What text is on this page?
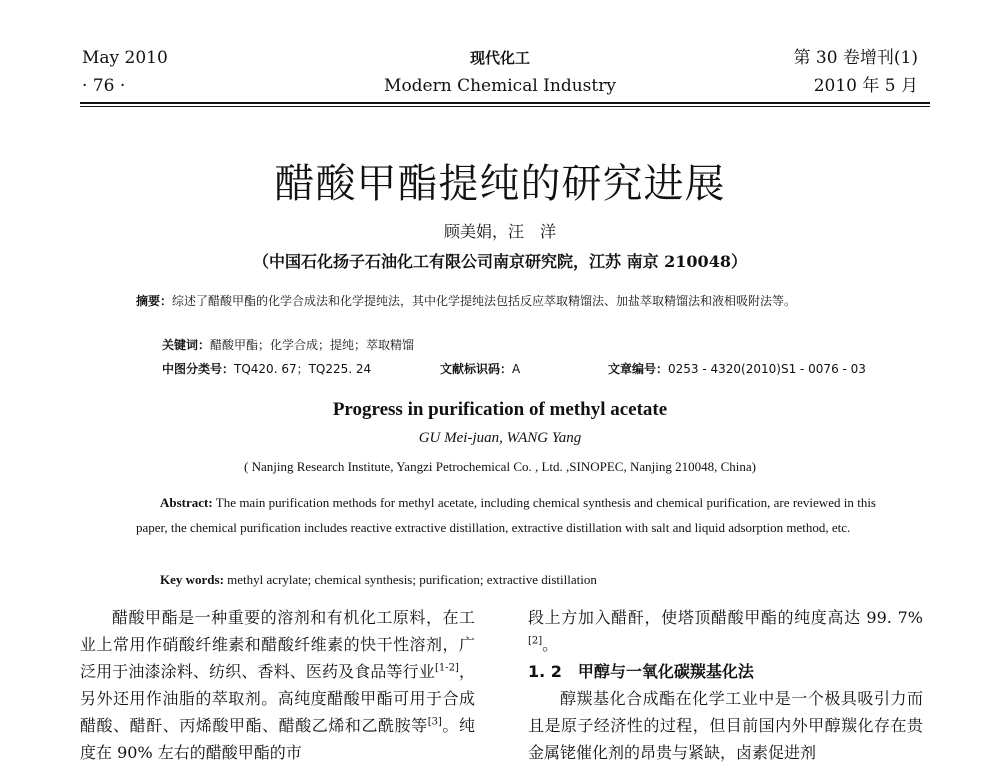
May 2010
· 76 ·
现代化工
Modern Chemical Industry
第 30 卷增刊(1)
2010 年 5 月
醋酸甲酯提纯的研究进展
顾美娟，汪　洋
（中国石化扬子石油化工有限公司南京研究院，江苏 南京 210048）
摘要：综述了醋酸甲酯的化学合成法和化学提纯法，其中化学提纯法包括反应萃取精馏法、加盐萃取精馏法和液相吸附法等。
关键词：醋酸甲酯；化学合成；提纯；萃取精馏
中图分类号：TQ420. 67；TQ225. 24	文献标识码：A	文章编号：0253 - 4320(2010)S1 - 0076 - 03
Progress in purification of methyl acetate
GU Mei-juan, WANG Yang
( Nanjing Research Institute, Yangzi Petrochemical Co. , Ltd. ,SINOPEC, Nanjing 210048, China)
Abstract: The main purification methods for methyl acetate, including chemical synthesis and chemical purification, are reviewed in this paper, the chemical purification includes reactive extractive distillation, extractive distillation with salt and liquid adsorption method, etc.
Key words: methyl acrylate; chemical synthesis; purification; extractive distillation

醋酸甲酯是一种重要的溶剂和有机化工原料，在工业上常用作硝酸纤维素和醋酸纤维素的快干性溶剂，广泛用于油漆涂料、纺织、香料、医药及食品等行业[1-2]，另外还用作油脂的萃取剂。高纯度醋酸甲酯可用于合成醋酸、醋酐、丙烯酸甲酯、醋酸乙烯和乙酰胺等[3]。纯度在 90% 左右的醋酸甲酯的市

段上方加入醋酐，使塔顶醋酸甲酯的纯度高达 99. 7%[2]。

1. 2　甲醇与一氧化碳羰基化法

醇羰基化合成酯在化学工业中是一个极具吸引力而且是原子经济性的过程，但目前国内外甲醇羰化存在贵金属铑催化剂的昂贵与紧缺，卤素促进剂
